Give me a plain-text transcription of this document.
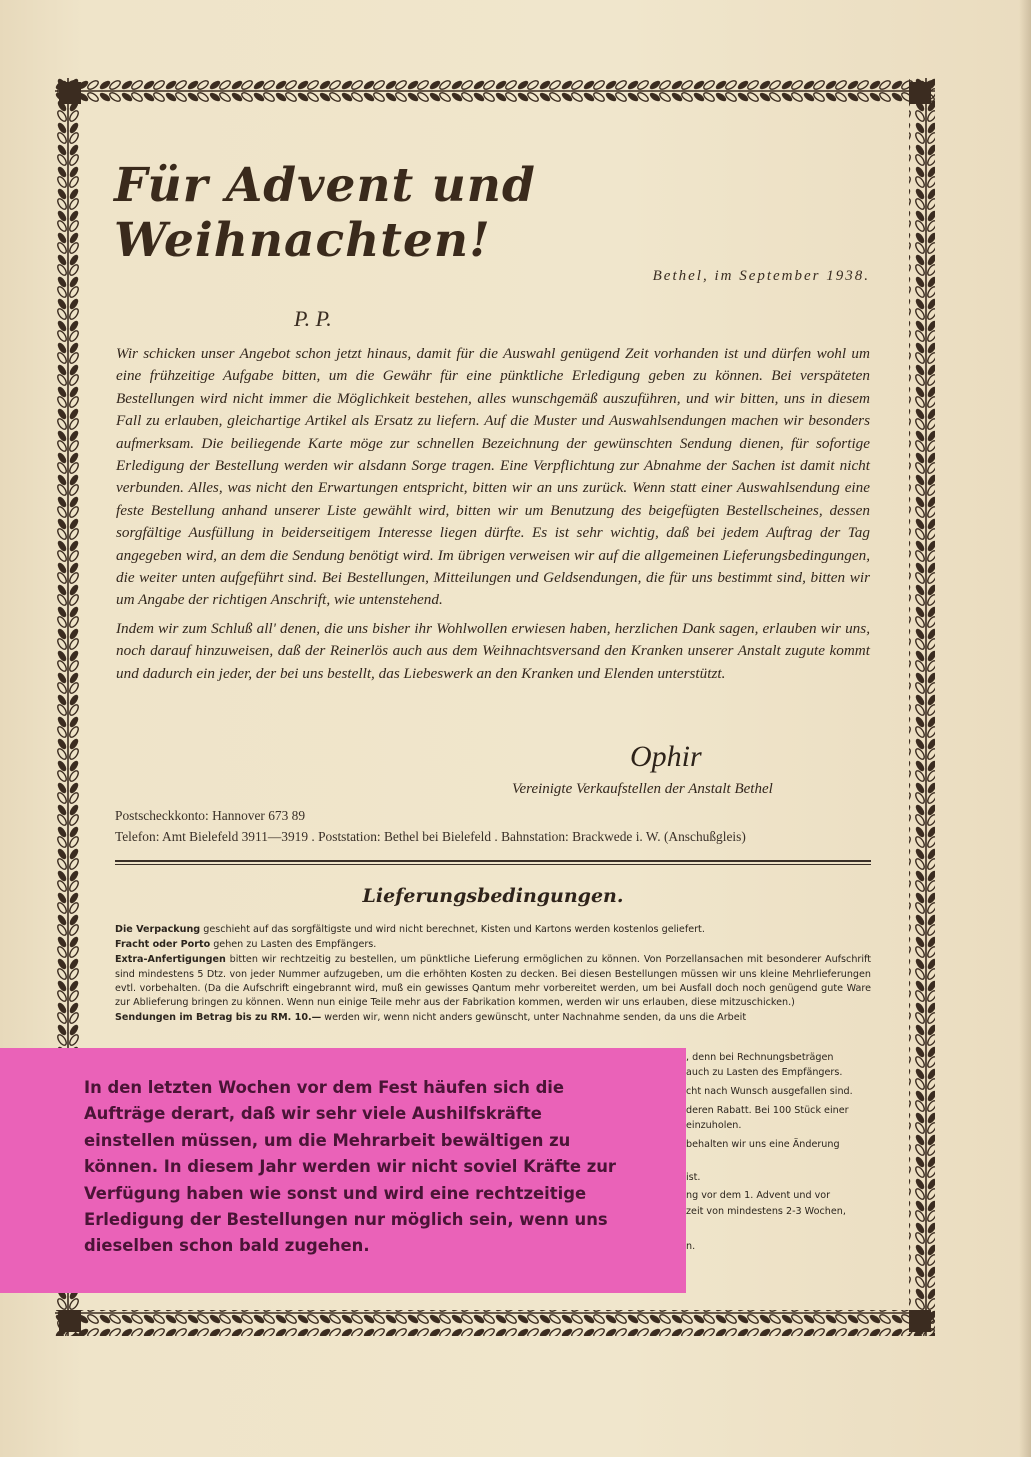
Für Advent und Weihnachten!
Bethel, im September 1938.
P. P.

Wir schicken unser Angebot schon jetzt hinaus, damit für die Auswahl genügend Zeit vorhanden ist und dürfen wohl um eine frühzeitige Aufgabe bitten, um die Gewähr für eine pünktliche Erledigung geben zu können. Bei verspäteten Bestellungen wird nicht immer die Möglichkeit bestehen, alles wunschgemäß auszuführen, und wir bitten, uns in diesem Fall zu erlauben, gleichartige Artikel als Ersatz zu liefern. Auf die Muster und Auswahlsendungen machen wir besonders aufmerksam. Die beiliegende Karte möge zur schnellen Bezeichnung der gewünschten Sendung dienen, für sofortige Erledigung der Bestellung werden wir alsdann Sorge tragen. Eine Verpflichtung zur Abnahme der Sachen ist damit nicht verbunden. Alles, was nicht den Erwartungen entspricht, bitten wir an uns zurück. Wenn statt einer Auswahlsendung eine feste Bestellung anhand unserer Liste gewählt wird, bitten wir um Benutzung des beigefügten Bestellscheines, dessen sorgfältige Ausfüllung in beiderseitigem Interesse liegen dürfte. Es ist sehr wichtig, daß bei jedem Auftrag der Tag angegeben wird, an dem die Sendung benötigt wird. Im übrigen verweisen wir auf die allgemeinen Lieferungsbedingungen, die weiter unten aufgeführt sind. Bei Bestellungen, Mitteilungen und Geldsendungen, die für uns bestimmt sind, bitten wir um Angabe der richtigen Anschrift, wie untenstehend.

Indem wir zum Schluß all' denen, die uns bisher ihr Wohlwollen erwiesen haben, herzlichen Dank sagen, erlauben wir uns, noch darauf hinzuweisen, daß der Reinerlös auch aus dem Weihnachtsversand den Kranken unserer Anstalt zugute kommt und dadurch ein jeder, der bei uns bestellt, das Liebeswerk an den Kranken und Elenden unterstützt.

Ophir
Vereinigte Verkaufstellen der Anstalt Bethel
Postscheckkonto: Hannover 673 89
Telefon: Amt Bielefeld 3911—3919 . Poststation: Bethel bei Bielefeld . Bahnstation: Brackwede i. W. (Anschußgleis)
Lieferungsbedingungen.

Die Verpackung geschieht auf das sorgfältigste und wird nicht berechnet, Kisten und Kartons werden kostenlos geliefert.

Fracht oder Porto gehen zu Lasten des Empfängers.

Extra-Anfertigungen bitten wir rechtzeitig zu bestellen, um pünktliche Lieferung ermöglichen zu können. Von Porzellansachen mit besonderer Aufschrift sind mindestens 5 Dtz. von jeder Nummer aufzugeben, um die erhöhten Kosten zu decken. Bei diesen Bestellungen müssen wir uns kleine Mehrlieferungen evtl. vorbehalten. (Da die Aufschrift eingebrannt wird, muß ein gewisses Qantum mehr vorbereitet werden, um bei Ausfall doch noch genügend gute Ware zur Ablieferung bringen zu können. Wenn nun einige Teile mehr aus der Fabrikation kommen, werden wir uns erlauben, diese mitzuschicken.)

Sendungen im Betrag bis zu RM. 10.— werden wir, wenn nicht anders gewünscht, unter Nachnahme senden, da uns die Arbeit

, denn bei Rechnungsbeträgen
auch zu Lasten des Empfängers.
cht nach Wunsch ausgefallen sind.
deren Rabatt. Bei 100 Stück einer
einzuholen.
behalten wir uns eine Änderung
ist.
ng vor dem 1. Advent und vor
zeit von mindestens 2-3 Wochen,
n.
In den letzten Wochen vor dem Fest häufen sich die Aufträge derart, daß wir sehr viele Aushilfskräfte einstellen müssen, um die Mehrarbeit bewältigen zu können. In diesem Jahr werden wir nicht soviel Kräfte zur Verfügung haben wie sonst und wird eine rechtzeitige Erledigung der Bestellungen nur möglich sein, wenn uns dieselben schon bald zugehen.
